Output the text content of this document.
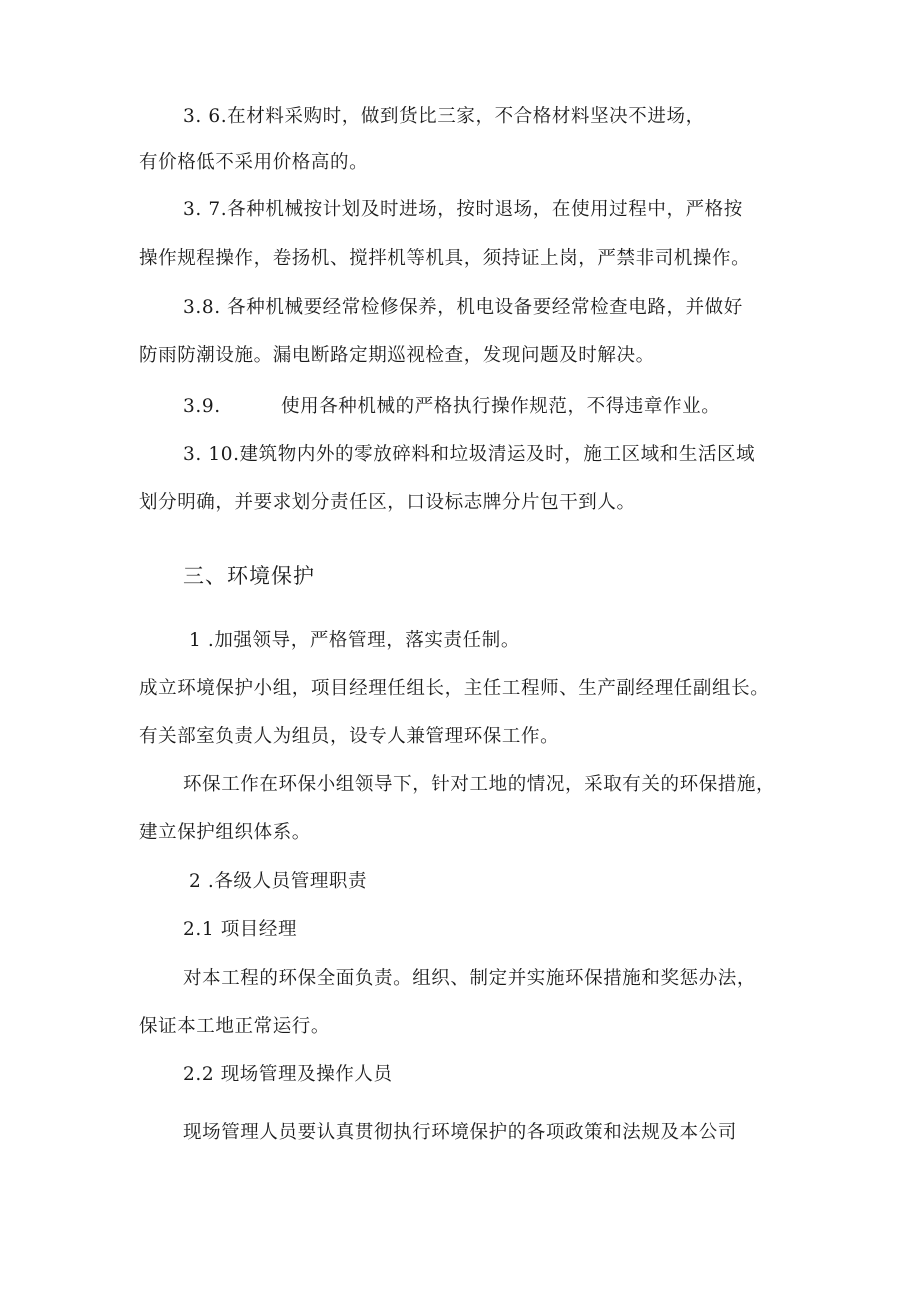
3. 6.在材料采购时，做到货比三家，不合格材料坚决不进场，
有价格低不采用价格高的。
3. 7.各种机械按计划及时进场，按时退场，在使用过程中，严格按
操作规程操作，卷扬机、搅拌机等机具，须持证上岗，严禁非司机操作。
3.8. 各种机械要经常检修保养，机电设备要经常检查电路，并做好
防雨防潮设施。漏电断路定期巡视检查，发现问题及时解决。
3.9.	使用各种机械的严格执行操作规范，不得违章作业。
3. 10.建筑物内外的零放碎料和垃圾清运及时，施工区域和生活区域
划分明确，并要求划分责任区，口设标志牌分片包干到人。
三、环境保护
1 .加强领导，严格管理，落实责任制。
成立环境保护小组，项目经理任组长，主任工程师、生产副经理任副组长。
有关部室负责人为组员，设专人兼管理环保工作。
环保工作在环保小组领导下，针对工地的情况，采取有关的环保措施，
建立保护组织体系。
2 .各级人员管理职责
2.1 项目经理
对本工程的环保全面负责。组织、制定并实施环保措施和奖惩办法，
保证本工地正常运行。
2.2 现场管理及操作人员
现场管理人员要认真贯彻执行环境保护的各项政策和法规及本公司
